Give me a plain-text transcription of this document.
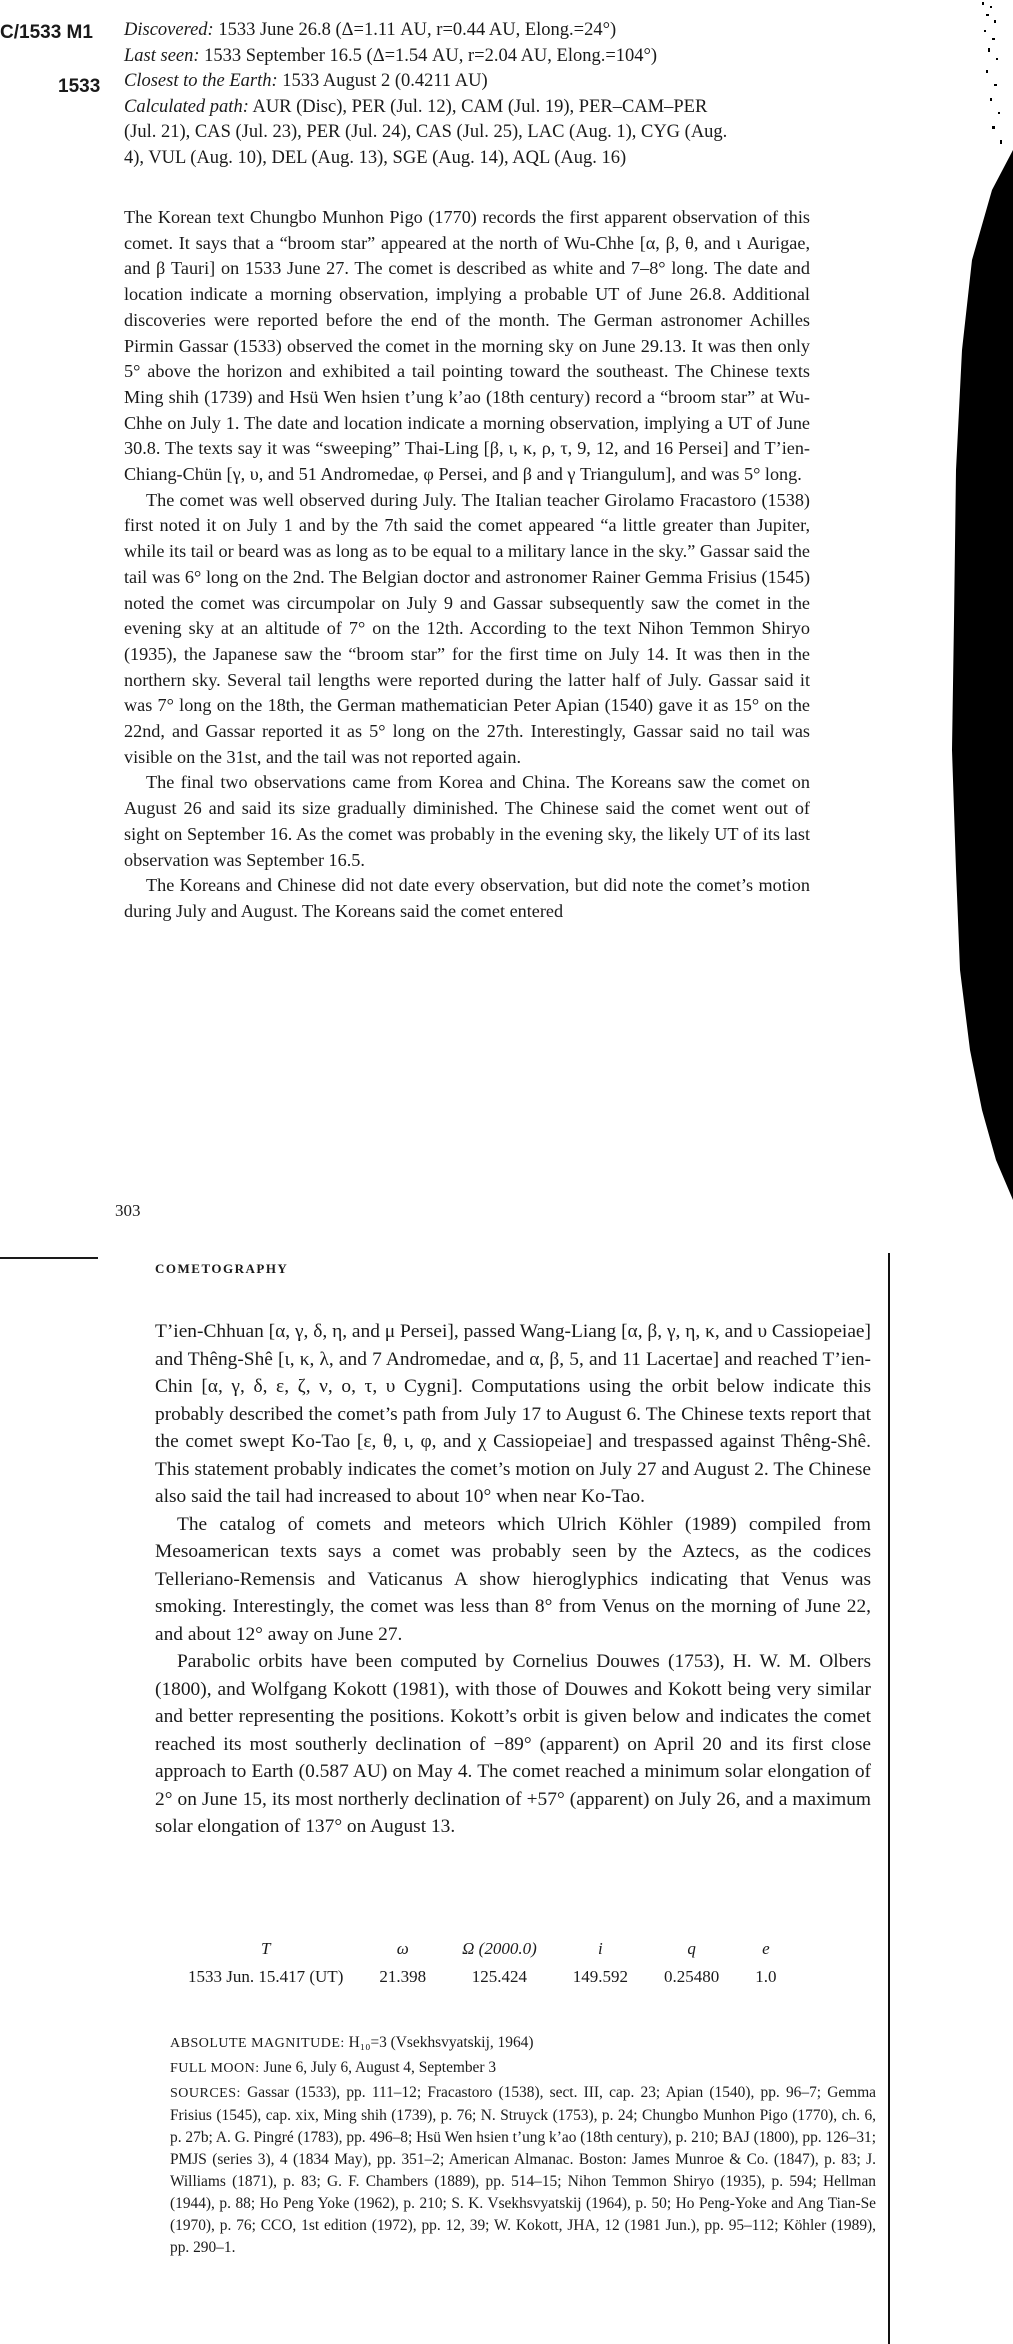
C/1533 M1
1533
Discovered: 1533 June 26.8 (Δ=1.11 AU, r=0.44 AU, Elong.=24°)
Last seen: 1533 September 16.5 (Δ=1.54 AU, r=2.04 AU, Elong.=104°)
Closest to the Earth: 1533 August 2 (0.4211 AU)
Calculated path: AUR (Disc), PER (Jul. 12), CAM (Jul. 19), PER–CAM–PER
(Jul. 21), CAS (Jul. 23), PER (Jul. 24), CAS (Jul. 25), LAC (Aug. 1), CYG (Aug.
4), VUL (Aug. 10), DEL (Aug. 13), SGE (Aug. 14), AQL (Aug. 16)

The Korean text Chungbo Munhon Pigo (1770) records the first apparent observation of this comet. It says that a “broom star” appeared at the north of Wu-Chhe [α, β, θ, and ι Aurigae, and β Tauri] on 1533 June 27. The comet is described as white and 7–8° long. The date and location indicate a morning observation, implying a probable UT of June 26.8. Additional discoveries were reported before the end of the month. The German astronomer Achilles Pirmin Gassar (1533) observed the comet in the morning sky on June 29.13. It was then only 5° above the horizon and exhibited a tail pointing toward the southeast. The Chinese texts Ming shih (1739) and Hsü Wen hsien t’ung k’ao (18th century) record a “broom star” at Wu-Chhe on July 1. The date and location indicate a morning observation, implying a UT of June 30.8. The texts say it was “sweeping” Thai-Ling [β, ι, κ, ρ, τ, 9, 12, and 16 Persei] and T’ien-Chiang-Chün [γ, υ, and 51 Andromedae, φ Persei, and β and γ Triangulum], and was 5° long.

The comet was well observed during July. The Italian teacher Girolamo Fracastoro (1538) first noted it on July 1 and by the 7th said the comet appeared “a little greater than Jupiter, while its tail or beard was as long as to be equal to a military lance in the sky.” Gassar said the tail was 6° long on the 2nd. The Belgian doctor and astronomer Rainer Gemma Frisius (1545) noted the comet was circumpolar on July 9 and Gassar subsequently saw the comet in the evening sky at an altitude of 7° on the 12th. According to the text Nihon Temmon Shiryo (1935), the Japanese saw the “broom star” for the first time on July 14. It was then in the northern sky. Several tail lengths were reported during the latter half of July. Gassar said it was 7° long on the 18th, the German mathematician Peter Apian (1540) gave it as 15° on the 22nd, and Gassar reported it as 5° long on the 27th. Interestingly, Gassar said no tail was visible on the 31st, and the tail was not reported again.

The final two observations came from Korea and China. The Koreans saw the comet on August 26 and said its size gradually diminished. The Chinese said the comet went out of sight on September 16. As the comet was probably in the evening sky, the likely UT of its last observation was September 16.5.

The Koreans and Chinese did not date every observation, but did note the comet’s motion during July and August. The Koreans said the comet entered

303
COMETOGRAPHY

T’ien-Chhuan [α, γ, δ, η, and μ Persei], passed Wang-Liang [α, β, γ, η, κ, and υ Cassiopeiae] and Thêng-Shê [ι, κ, λ, and 7 Andromedae, and α, β, 5, and 11 Lacertae] and reached T’ien-Chin [α, γ, δ, ε, ζ, ν, ο, τ, υ Cygni]. Computations using the orbit below indicate this probably described the comet’s path from July 17 to August 6. The Chinese texts report that the comet swept Ko-Tao [ε, θ, ι, φ, and χ Cassiopeiae] and trespassed against Thêng-Shê. This statement probably indicates the comet’s motion on July 27 and August 2. The Chinese also said the tail had increased to about 10° when near Ko-Tao.

The catalog of comets and meteors which Ulrich Köhler (1989) compiled from Mesoamerican texts says a comet was probably seen by the Aztecs, as the codices Telleriano-Remensis and Vaticanus A show hieroglyphics indicating that Venus was smoking. Interestingly, the comet was less than 8° from Venus on the morning of June 22, and about 12° away on June 27.

Parabolic orbits have been computed by Cornelius Douwes (1753), H. W. M. Olbers (1800), and Wolfgang Kokott (1981), with those of Douwes and Kokott being very similar and better representing the positions. Kokott’s orbit is given below and indicates the comet reached its most southerly declination of −89° (apparent) on April 20 and its first close approach to Earth (0.587 AU) on May 4. The comet reached a minimum solar elongation of 2° on June 15, its most northerly declination of +57° (apparent) on July 26, and a maximum solar elongation of 137° on August 13.

T	ω	Ω (2000.0)	i	q	e
1533 Jun. 15.417 (UT)	21.398	125.424	149.592	0.25480	1.0

ABSOLUTE MAGNITUDE: H₁₀=3 (Vsekhsvyatskij, 1964)

FULL MOON: June 6, July 6, August 4, September 3

SOURCES: Gassar (1533), pp. 111–12; Fracastoro (1538), sect. III, cap. 23; Apian (1540), pp. 96–7; Gemma Frisius (1545), cap. xix, Ming shih (1739), p. 76; N. Struyck (1753), p. 24; Chungbo Munhon Pigo (1770), ch. 6, p. 27b; A. G. Pingré (1783), pp. 496–8; Hsü Wen hsien t’ung k’ao (18th century), p. 210; BAJ (1800), pp. 126–31; PMJS (series 3), 4 (1834 May), pp. 351–2; American Almanac. Boston: James Munroe & Co. (1847), p. 83; J. Williams (1871), p. 83; G. F. Chambers (1889), pp. 514–15; Nihon Temmon Shiryo (1935), p. 594; Hellman (1944), p. 88; Ho Peng Yoke (1962), p. 210; S. K. Vsekhsvyatskij (1964), p. 50; Ho Peng-Yoke and Ang Tian-Se (1970), p. 76; CCO, 1st edition (1972), pp. 12, 39; W. Kokott, JHA, 12 (1981 Jun.), pp. 95–112; Köhler (1989), pp. 290–1.
